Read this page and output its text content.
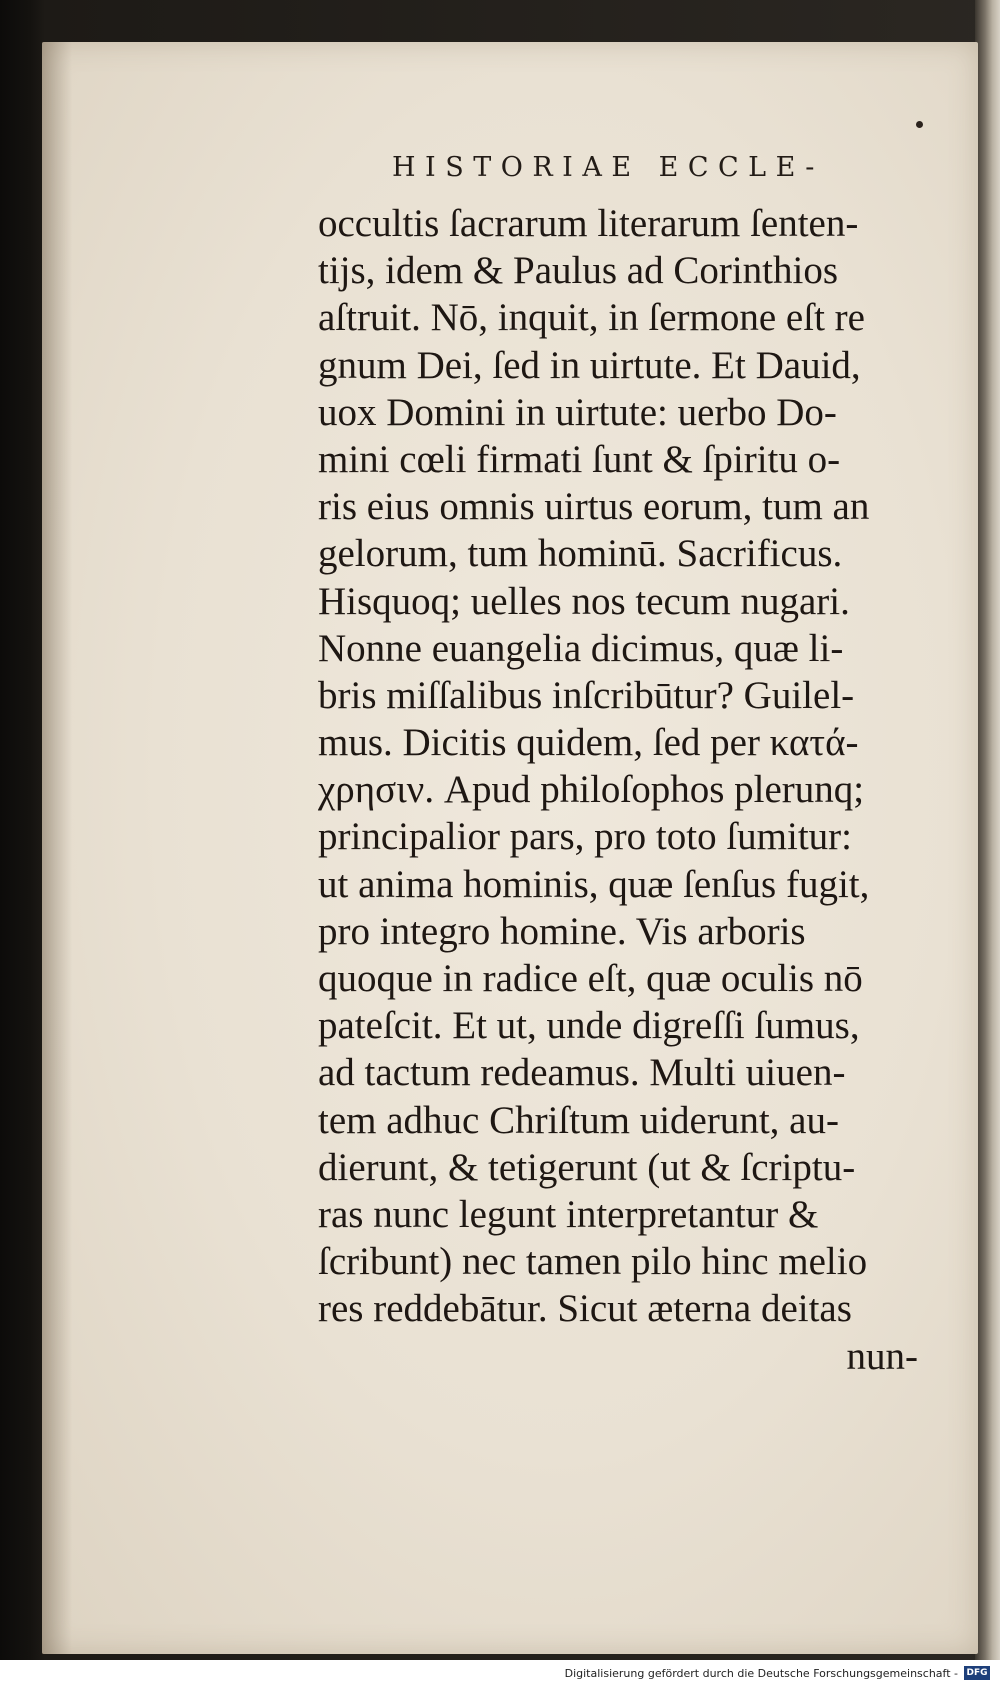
HISTORIAE ECCLE-
occultis ſacrarum literarum ſenten-
tijs, idem & Paulus ad Corinthios
aſtruit. Nō, inquit, in ſermone eſt re
gnum Dei, ſed in uirtute. Et Dauid,
uox Domini in uirtute: uerbo Do-
mini cœli firmati ſunt & ſpiritu o-
ris eius omnis uirtus eorum, tum an
gelorum, tum hominū. Sacrificus.
Hisquoq; uelles nos tecum nugari.
Nonne euangelia dicimus, quæ li-
bris miſſalibus inſcribūtur? Guilel-
mus. Dicitis quidem, ſed per κατά-
χρησιν. Apud philoſophos plerunq;
principalior pars, pro toto ſumitur:
ut anima hominis, quæ ſenſus fugit,
pro integro homine. Vis arboris
quoque in radice eſt, quæ oculis nō
pateſcit. Et ut, unde digreſſi ſumus,
ad tactum redeamus. Multi uiuen-
tem adhuc Chriſtum uiderunt, au-
dierunt, & tetigerunt (ut & ſcriptu-
ras nunc legunt interpretantur &
ſcribunt) nec tamen pilo hinc melio
res reddebātur. Sicut æterna deitas
nun-
Digitalisierung gefördert durch die Deutsche Forschungsgemeinschaft - DFG
